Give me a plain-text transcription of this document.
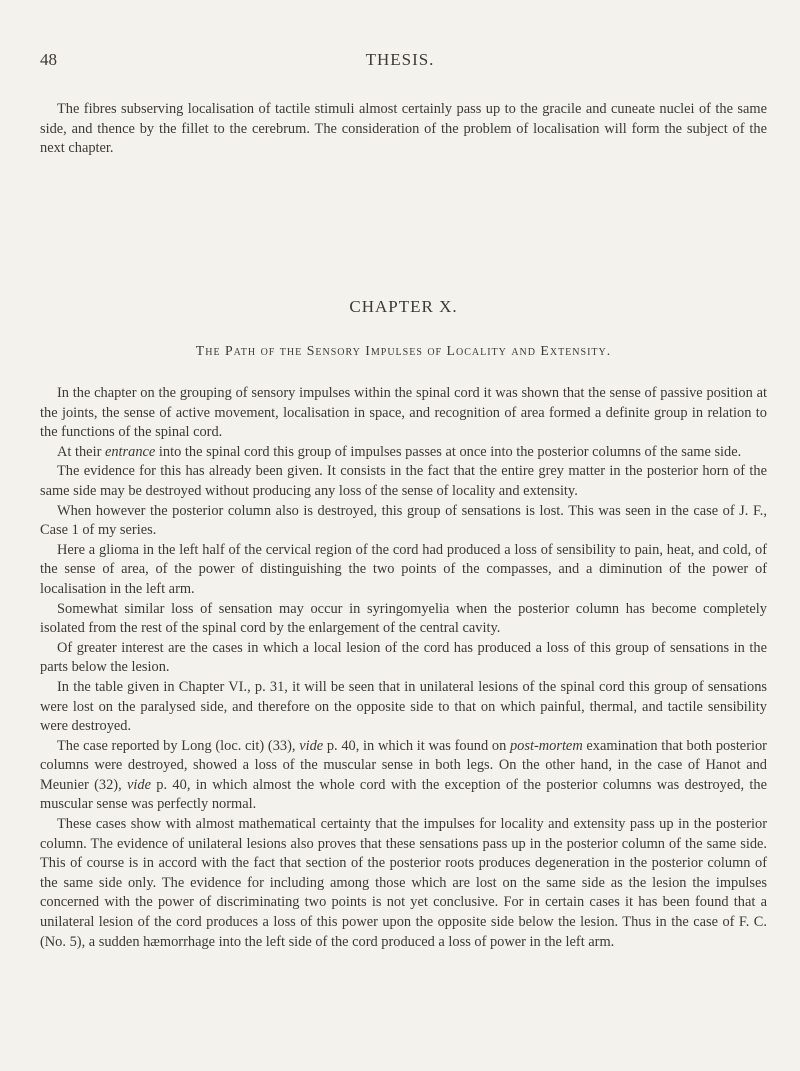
48	THESIS.

The fibres subserving localisation of tactile stimuli almost certainly pass up to the gracile and cuneate nuclei of the same side, and thence by the fillet to the cerebrum. The consideration of the problem of localisation will form the subject of the next chapter.

CHAPTER X.
The Path of the Sensory Impulses of Locality and Extensity.

In the chapter on the grouping of sensory impulses within the spinal cord it was shown that the sense of passive position at the joints, the sense of active movement, localisation in space, and recognition of area formed a definite group in relation to the functions of the spinal cord.

At their entrance into the spinal cord this group of impulses passes at once into the posterior columns of the same side.

The evidence for this has already been given. It consists in the fact that the entire grey matter in the posterior horn of the same side may be destroyed without producing any loss of the sense of locality and extensity.

When however the posterior column also is destroyed, this group of sensations is lost. This was seen in the case of J. F., Case 1 of my series.

Here a glioma in the left half of the cervical region of the cord had produced a loss of sensibility to pain, heat, and cold, of the sense of area, of the power of distinguishing the two points of the compasses, and a diminution of the power of localisation in the left arm.

Somewhat similar loss of sensation may occur in syringomyelia when the posterior column has become completely isolated from the rest of the spinal cord by the enlargement of the central cavity.

Of greater interest are the cases in which a local lesion of the cord has produced a loss of this group of sensations in the parts below the lesion.

In the table given in Chapter VI., p. 31, it will be seen that in unilateral lesions of the spinal cord this group of sensations were lost on the paralysed side, and therefore on the opposite side to that on which painful, thermal, and tactile sensibility were destroyed.

The case reported by Long (loc. cit) (33), vide p. 40, in which it was found on post-mortem examination that both posterior columns were destroyed, showed a loss of the muscular sense in both legs. On the other hand, in the case of Hanot and Meunier (32), vide p. 40, in which almost the whole cord with the exception of the posterior columns was destroyed, the muscular sense was perfectly normal.

These cases show with almost mathematical certainty that the impulses for locality and extensity pass up in the posterior column. The evidence of unilateral lesions also proves that these sensations pass up in the posterior column of the same side. This of course is in accord with the fact that section of the posterior roots produces degeneration in the posterior column of the same side only. The evidence for including among those which are lost on the same side as the lesion the impulses concerned with the power of discriminating two points is not yet conclusive. For in certain cases it has been found that a unilateral lesion of the cord produces a loss of this power upon the opposite side below the lesion. Thus in the case of F. C. (No. 5), a sudden hæmorrhage into the left side of the cord produced a loss of power in the left arm.
